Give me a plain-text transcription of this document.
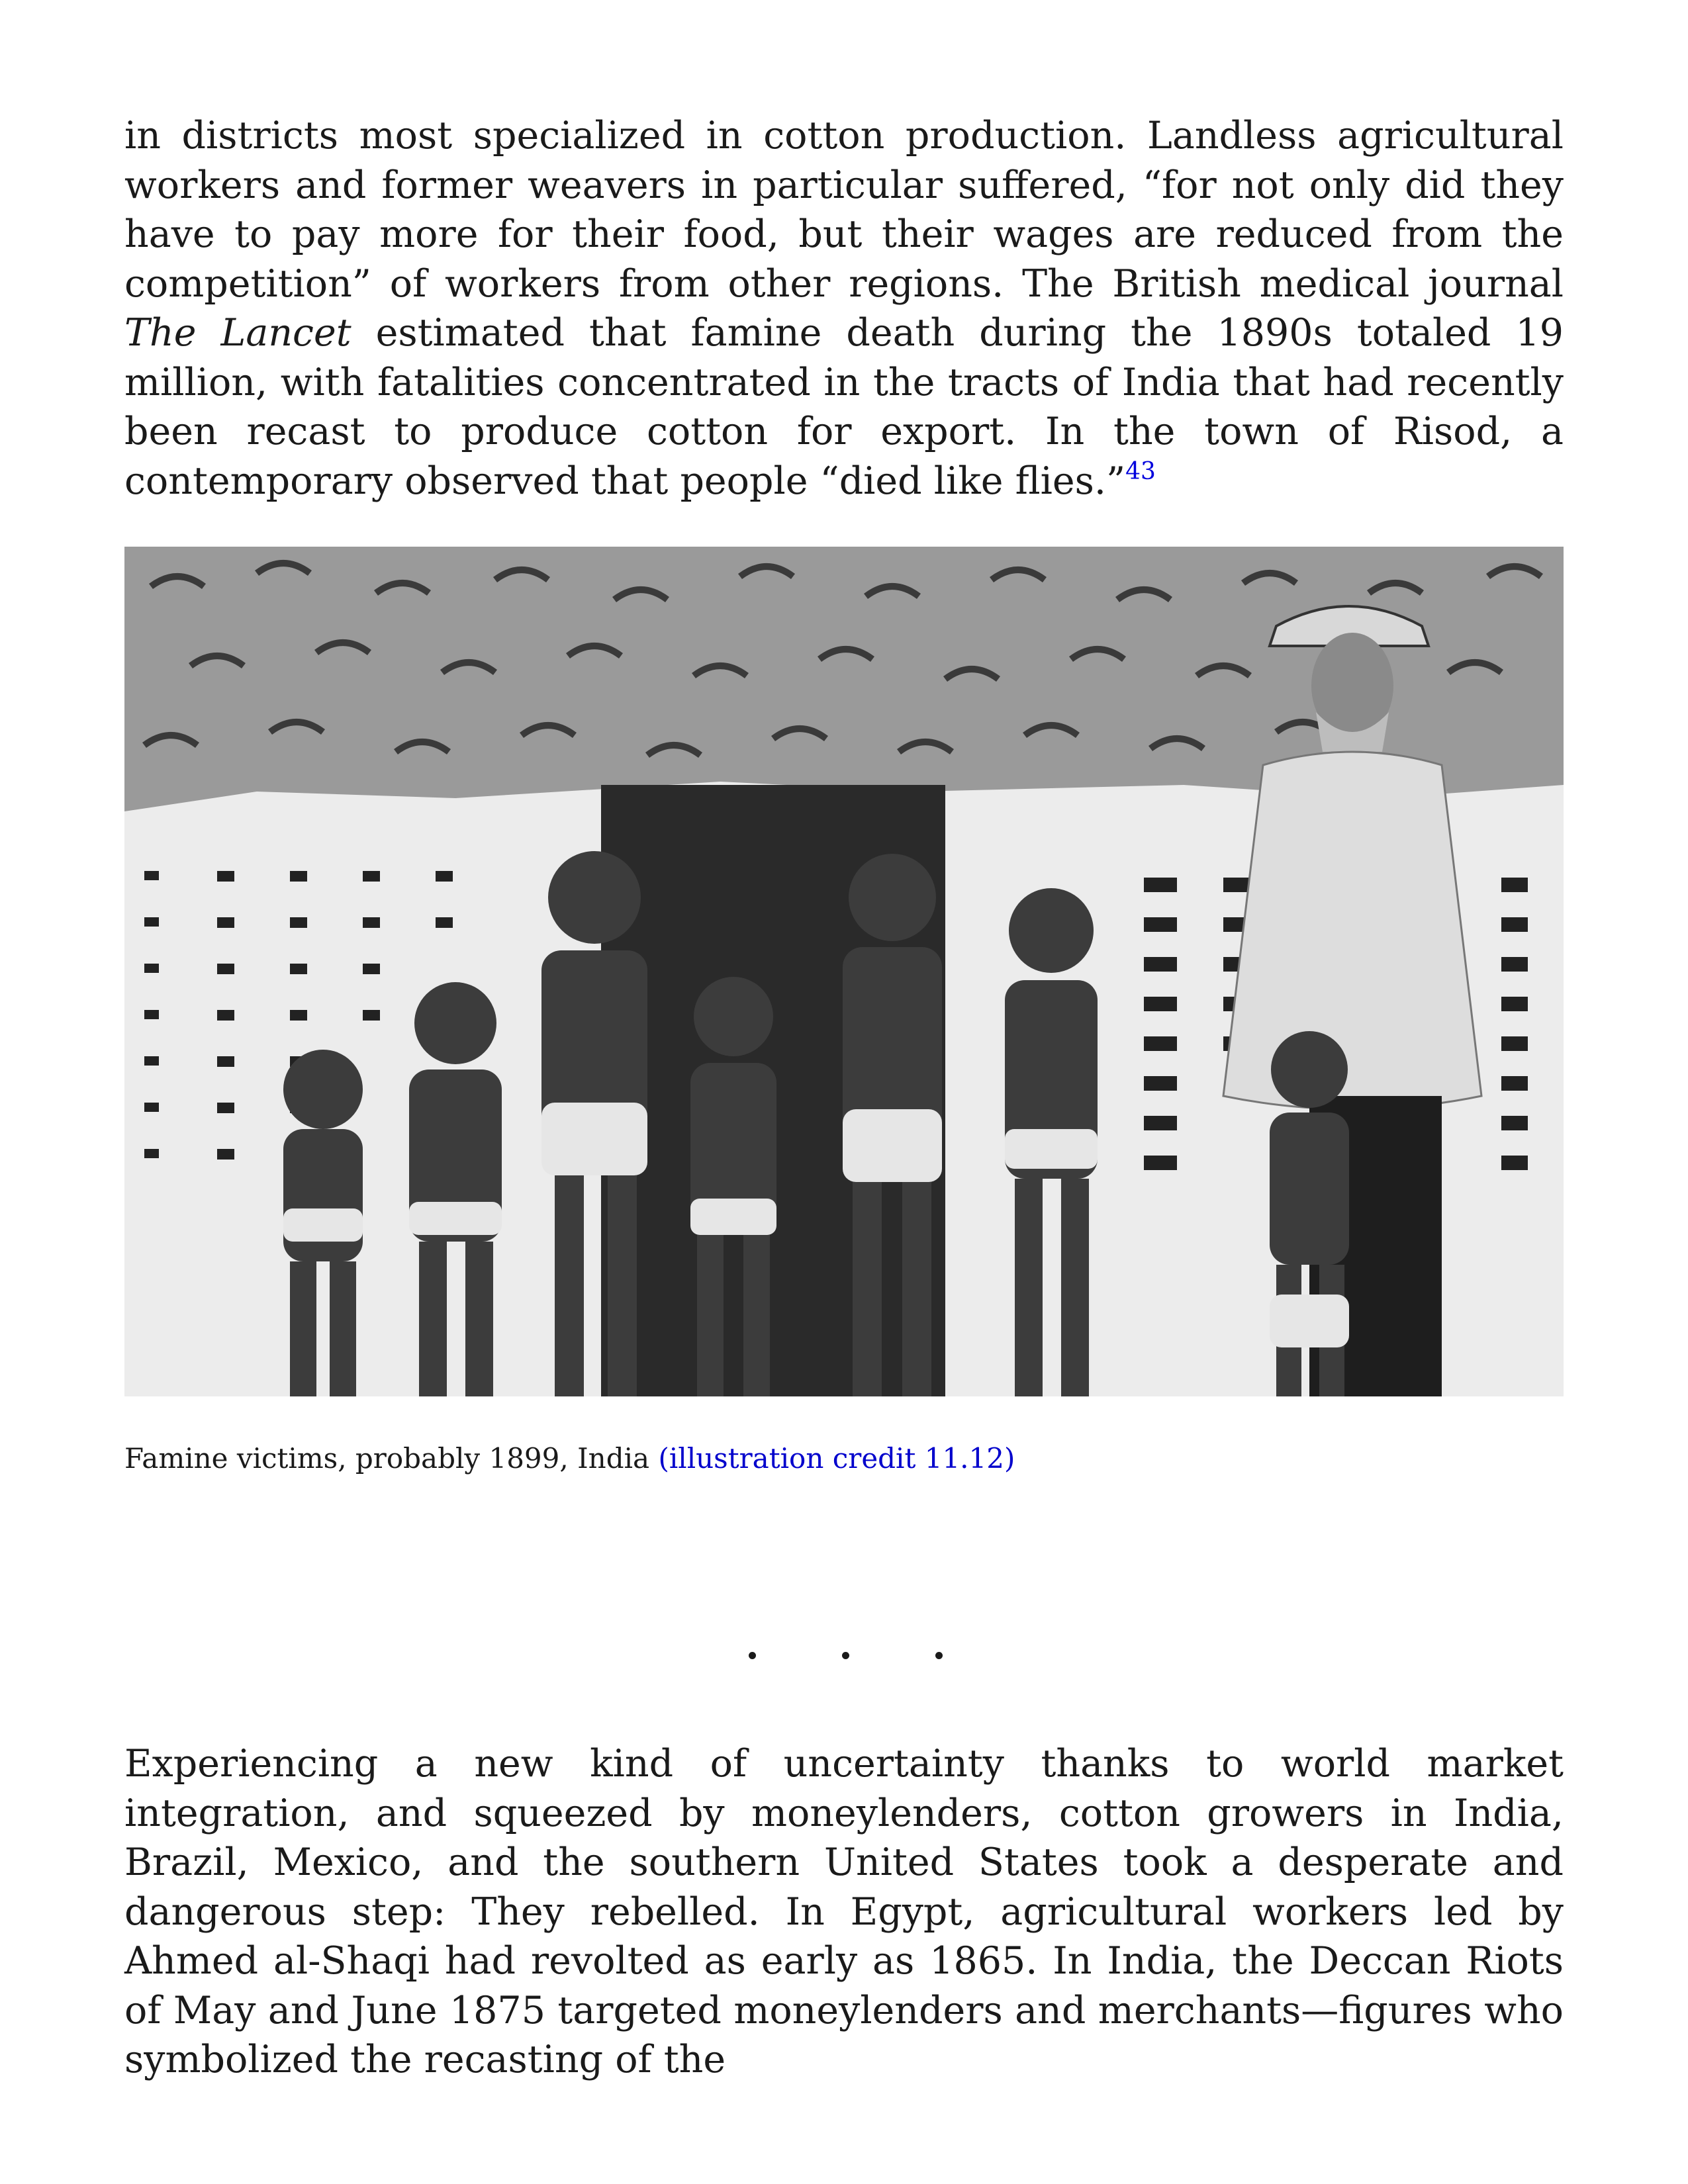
in districts most specialized in cotton production. Landless agricultural workers and former weavers in particular suffered, “for not only did they have to pay more for their food, but their wages are reduced from the competition” of workers from other regions. The British medical journal The Lancet estimated that famine death during the 1890s totaled 19 million, with fatalities concentrated in the tracts of India that had recently been recast to produce cotton for export. In the town of Risod, a contemporary observed that people “died like flies.”$^{43}$

Famine victims, probably 1899, India (illustration credit 11.12)

Experiencing a new kind of uncertainty thanks to world market integration, and squeezed by moneylenders, cotton growers in India, Brazil, Mexico, and the southern United States took a desperate and dangerous step: They rebelled. In Egypt, agricultural workers led by Ahmed al-Shaqi had revolted as early as 1865. In India, the Deccan Riots of May and June 1875 targeted moneylenders and merchants—figures who symbolized the recasting of the
